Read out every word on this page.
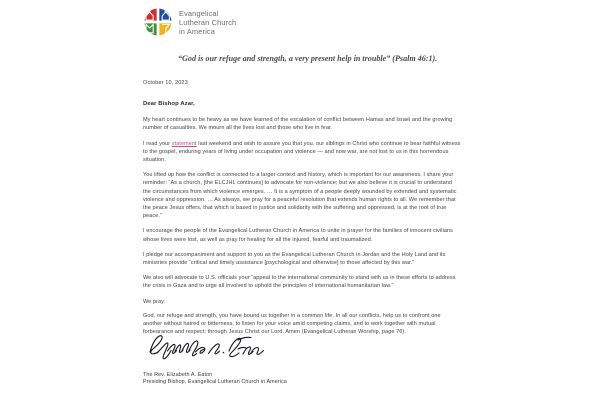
Evangelical
Lutheran Church
in America
“God is our refuge and strength, a very present help in trouble” (Psalm 46:1).

October 10, 2023

Dear Bishop Azar,

My heart continues to be heavy as we have learned of the escalation of conflict between Hamas and Israel and the growing number of casualties. We mourn all the lives lost and those who live in fear.

I read your statement last weekend and wish to assure you that you, our siblings in Christ who continue to bear faithful witness to the gospel, enduring years of living under occupation and violence — and now war, are not lost to us in this horrendous situation.

You lifted up how the conflict is connected to a larger context and history, which is important for our awareness. I share your reminder: “As a church, [the ELCJHL continues] to advocate for non-violence; but we also believe it is crucial to understand the circumstances from which violence emerges. … It is a symptom of a people deeply wounded by extended and systematic violence and oppression. … As always, we pray for a peaceful resolution that extends human rights to all. We remember that the peace Jesus offers, that which is based in justice and solidarity with the suffering and oppressed, is at the root of true peace.”

I encourage the people of the Evangelical Lutheran Church in America to unite in prayer for the families of innocent civilians whose lives were lost, as well as pray for healing for all the injured, fearful and traumatized.

I pledge our accompaniment and support to you as the Evangelical Lutheran Church in Jordan and the Holy Land and its ministries provide “critical and timely assistance [psychological and otherwise] to those affected by this war.”

We also will advocate to U.S. officials your “appeal to the international community to stand with us in these efforts to address the crisis in Gaza and to urge all involved to uphold the principles of international humanitarian law.”

We pray:

God, our refuge and strength, you have bound us together in a common life. In all our conflicts, help us to confront one another without hatred or bitterness, to listen for your voice amid competing claims, and to work together with mutual forbearance and respect; through Jesus Christ our Lord. Amen (Evangelical Lutheran Worship, page 76).

The Rev. Elizabeth A. Eaton

Presiding Bishop, Evangelical Lutheran Church in America
